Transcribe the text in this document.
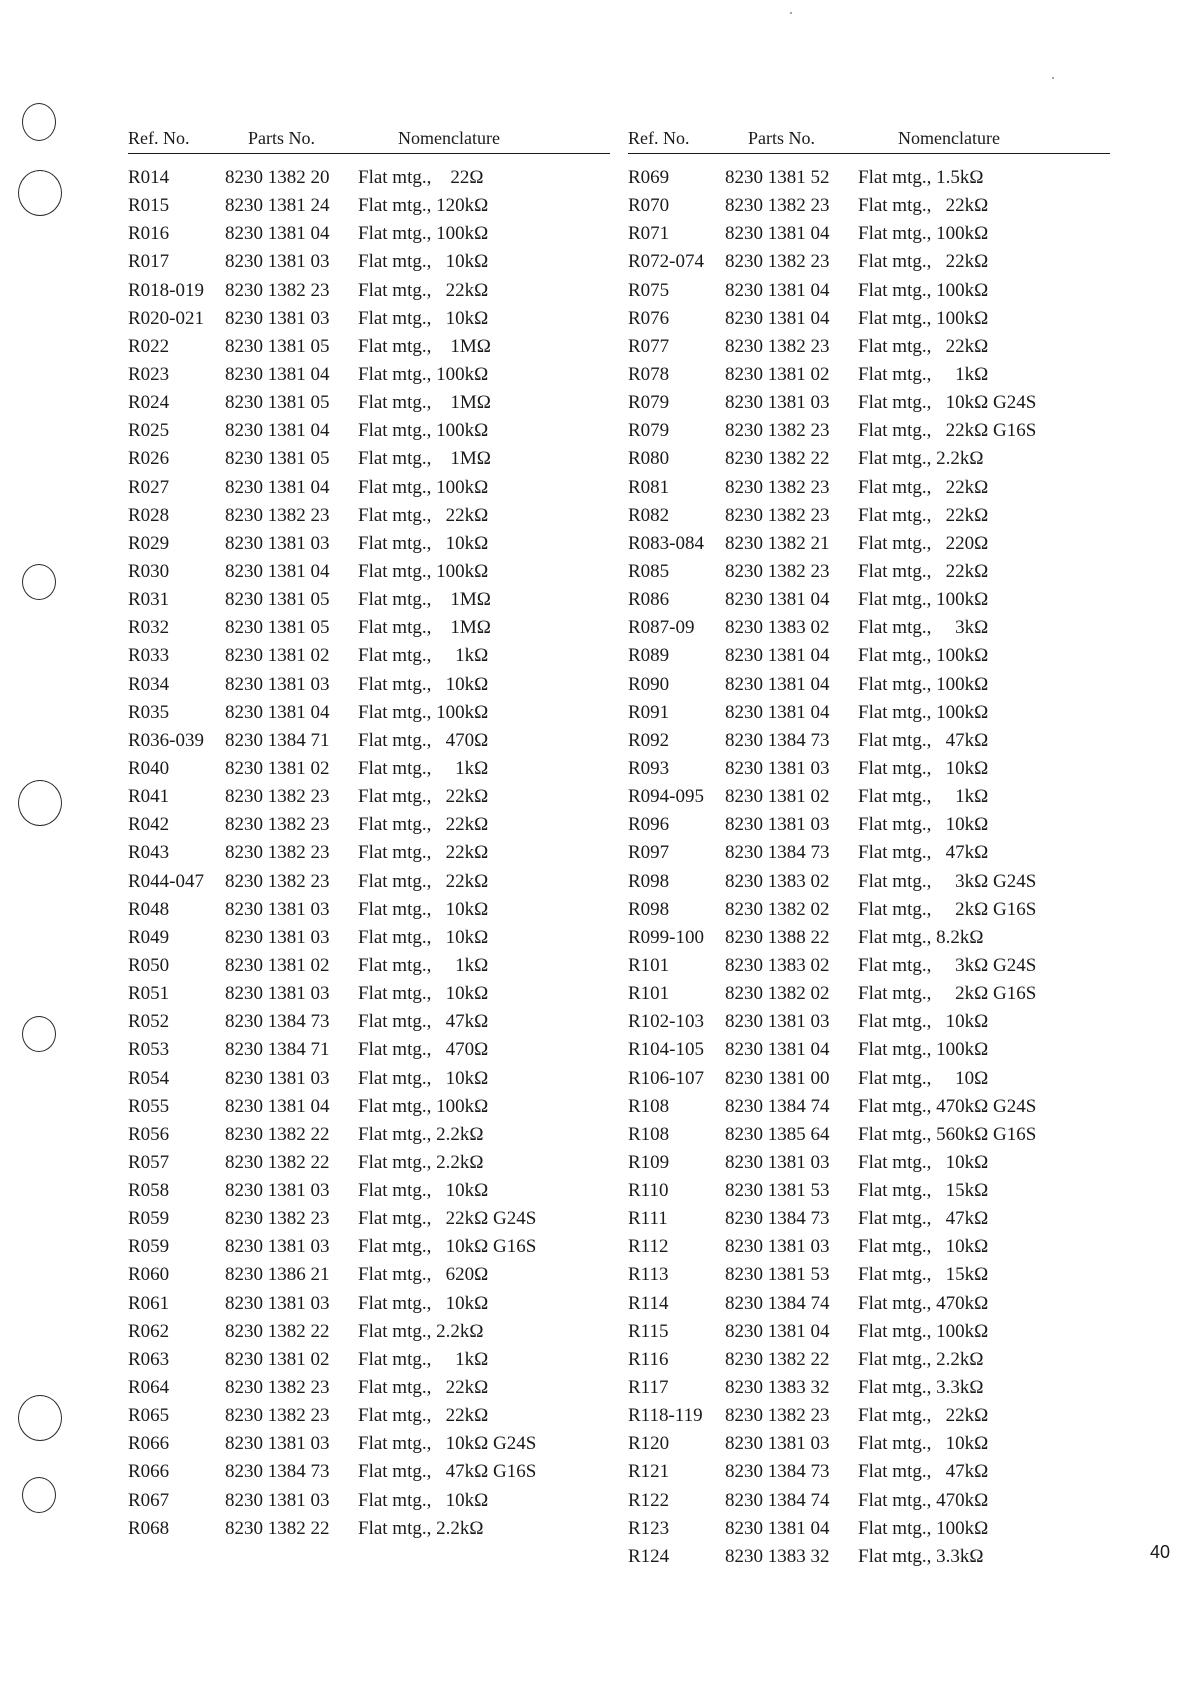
Ref. No.	Parts No.	Nomenclature
R014	8230 1382 20	Flat mtg.,    22Ω
R015	8230 1381 24	Flat mtg., 120kΩ
R016	8230 1381 04	Flat mtg., 100kΩ
R017	8230 1381 03	Flat mtg.,   10kΩ
R018-019	8230 1382 23	Flat mtg.,   22kΩ
R020-021	8230 1381 03	Flat mtg.,   10kΩ
R022	8230 1381 05	Flat mtg.,    1MΩ
R023	8230 1381 04	Flat mtg., 100kΩ
R024	8230 1381 05	Flat mtg.,    1MΩ
R025	8230 1381 04	Flat mtg., 100kΩ
R026	8230 1381 05	Flat mtg.,    1MΩ
R027	8230 1381 04	Flat mtg., 100kΩ
R028	8230 1382 23	Flat mtg.,   22kΩ
R029	8230 1381 03	Flat mtg.,   10kΩ
R030	8230 1381 04	Flat mtg., 100kΩ
R031	8230 1381 05	Flat mtg.,    1MΩ
R032	8230 1381 05	Flat mtg.,    1MΩ
R033	8230 1381 02	Flat mtg.,     1kΩ
R034	8230 1381 03	Flat mtg.,   10kΩ
R035	8230 1381 04	Flat mtg., 100kΩ
R036-039	8230 1384 71	Flat mtg.,   470Ω
R040	8230 1381 02	Flat mtg.,     1kΩ
R041	8230 1382 23	Flat mtg.,   22kΩ
R042	8230 1382 23	Flat mtg.,   22kΩ
R043	8230 1382 23	Flat mtg.,   22kΩ
R044-047	8230 1382 23	Flat mtg.,   22kΩ
R048	8230 1381 03	Flat mtg.,   10kΩ
R049	8230 1381 03	Flat mtg.,   10kΩ
R050	8230 1381 02	Flat mtg.,     1kΩ
R051	8230 1381 03	Flat mtg.,   10kΩ
R052	8230 1384 73	Flat mtg.,   47kΩ
R053	8230 1384 71	Flat mtg.,   470Ω
R054	8230 1381 03	Flat mtg.,   10kΩ
R055	8230 1381 04	Flat mtg., 100kΩ
R056	8230 1382 22	Flat mtg., 2.2kΩ
R057	8230 1382 22	Flat mtg., 2.2kΩ
R058	8230 1381 03	Flat mtg.,   10kΩ
R059	8230 1382 23	Flat mtg.,   22kΩ G24S
R059	8230 1381 03	Flat mtg.,   10kΩ G16S
R060	8230 1386 21	Flat mtg.,   620Ω
R061	8230 1381 03	Flat mtg.,   10kΩ
R062	8230 1382 22	Flat mtg., 2.2kΩ
R063	8230 1381 02	Flat mtg.,     1kΩ
R064	8230 1382 23	Flat mtg.,   22kΩ
R065	8230 1382 23	Flat mtg.,   22kΩ
R066	8230 1381 03	Flat mtg.,   10kΩ G24S
R066	8230 1384 73	Flat mtg.,   47kΩ G16S
R067	8230 1381 03	Flat mtg.,   10kΩ
R068	8230 1382 22	Flat mtg., 2.2kΩ
Ref. No.	Parts No.	Nomenclature
R069	8230 1381 52	Flat mtg., 1.5kΩ
R070	8230 1382 23	Flat mtg.,   22kΩ
R071	8230 1381 04	Flat mtg., 100kΩ
R072-074	8230 1382 23	Flat mtg.,   22kΩ
R075	8230 1381 04	Flat mtg., 100kΩ
R076	8230 1381 04	Flat mtg., 100kΩ
R077	8230 1382 23	Flat mtg.,   22kΩ
R078	8230 1381 02	Flat mtg.,     1kΩ
R079	8230 1381 03	Flat mtg.,   10kΩ G24S
R079	8230 1382 23	Flat mtg.,   22kΩ G16S
R080	8230 1382 22	Flat mtg., 2.2kΩ
R081	8230 1382 23	Flat mtg.,   22kΩ
R082	8230 1382 23	Flat mtg.,   22kΩ
R083-084	8230 1382 21	Flat mtg.,   220Ω
R085	8230 1382 23	Flat mtg.,   22kΩ
R086	8230 1381 04	Flat mtg., 100kΩ
R087-09	8230 1383 02	Flat mtg.,     3kΩ
R089	8230 1381 04	Flat mtg., 100kΩ
R090	8230 1381 04	Flat mtg., 100kΩ
R091	8230 1381 04	Flat mtg., 100kΩ
R092	8230 1384 73	Flat mtg.,   47kΩ
R093	8230 1381 03	Flat mtg.,   10kΩ
R094-095	8230 1381 02	Flat mtg.,     1kΩ
R096	8230 1381 03	Flat mtg.,   10kΩ
R097	8230 1384 73	Flat mtg.,   47kΩ
R098	8230 1383 02	Flat mtg.,     3kΩ G24S
R098	8230 1382 02	Flat mtg.,     2kΩ G16S
R099-100	8230 1388 22	Flat mtg., 8.2kΩ
R101	8230 1383 02	Flat mtg.,     3kΩ G24S
R101	8230 1382 02	Flat mtg.,     2kΩ G16S
R102-103	8230 1381 03	Flat mtg.,   10kΩ
R104-105	8230 1381 04	Flat mtg., 100kΩ
R106-107	8230 1381 00	Flat mtg.,     10Ω
R108	8230 1384 74	Flat mtg., 470kΩ G24S
R108	8230 1385 64	Flat mtg., 560kΩ G16S
R109	8230 1381 03	Flat mtg.,   10kΩ
R110	8230 1381 53	Flat mtg.,   15kΩ
R111	8230 1384 73	Flat mtg.,   47kΩ
R112	8230 1381 03	Flat mtg.,   10kΩ
R113	8230 1381 53	Flat mtg.,   15kΩ
R114	8230 1384 74	Flat mtg., 470kΩ
R115	8230 1381 04	Flat mtg., 100kΩ
R116	8230 1382 22	Flat mtg., 2.2kΩ
R117	8230 1383 32	Flat mtg., 3.3kΩ
R118-119	8230 1382 23	Flat mtg.,   22kΩ
R120	8230 1381 03	Flat mtg.,   10kΩ
R121	8230 1384 73	Flat mtg.,   47kΩ
R122	8230 1384 74	Flat mtg., 470kΩ
R123	8230 1381 04	Flat mtg., 100kΩ
R124	8230 1383 32	Flat mtg., 3.3kΩ	40
